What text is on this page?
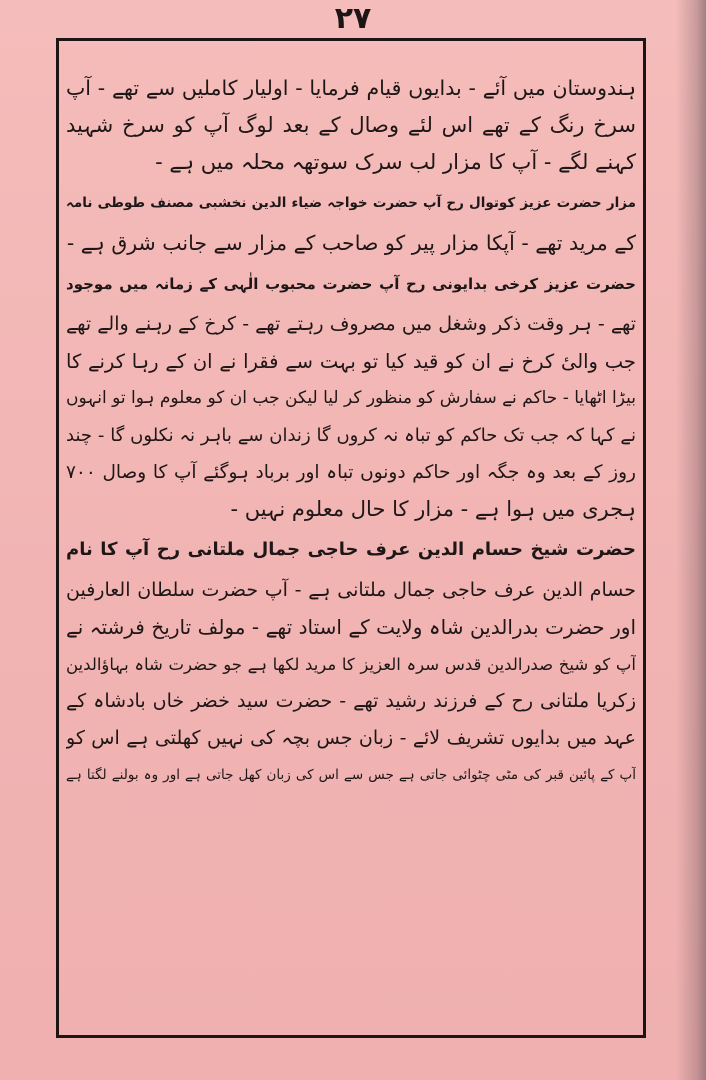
۲۷
ہندوستان میں آئے - بدایوں قیام فرمایا - اولیار کاملیں سے تھے - آپ
سرخ رنگ کے تھے اس لئے وصال کے بعد لوگ آپ کو سرخ شہید
کہنے لگے - آپ کا مزار لب سرک سوتھہ محلہ میں ہے -
مزار حضرت عزیز کوتوال رح آپ حضرت خواجہ ضیاء الدین نخشبی مصنف طوطی نامہ
کے مرید تھے - آپکا مزار پیر کو صاحب کے مزار سے جانب شرق ہے -
حضرت عزیز کرخی بدایونی رح آپ حضرت محبوب الٰہی کے زمانہ میں موجود
تھے - ہر وقت ذکر وشغل میں مصروف رہتے تھے - کرخ کے رہنے والے تھے
جب والیٔ کرخ نے ان کو قید کیا تو بہت سے فقرا نے ان کے رہا کرنے کا
بیڑا اٹھایا - حاکم نے سفارش کو منظور کر لیا لیکن جب ان کو معلوم ہوا تو انہوں
نے کہا کہ جب تک حاکم کو تباہ نہ کروں گا زندان سے باہر نہ نکلوں گا - چند
روز کے بعد وہ جگہ اور حاکم دونوں تباہ اور برباد ہوگئے آپ کا وصال ۷۰۰
ہجری میں ہوا ہے - مزار کا حال معلوم نہیں -
حضرت شیخ حسام الدین عرف حاجی جمال ملتانی رح آپ کا نام
حسام الدین عرف حاجی جمال ملتانی ہے - آپ حضرت سلطان العارفین
اور حضرت بدرالدین شاہ ولایت کے استاد تھے - مولف تاریخ فرشتہ نے
آپ کو شیخ صدرالدین قدس سرہ العزیز کا مرید لکھا ہے جو حضرت شاہ بہاؤالدین
زکریا ملتانی رح کے فرزند رشید تھے - حضرت سید خضر خاں بادشاہ کے
عہد میں بدایوں تشریف لائے - زبان جس بچہ کی نہیں کھلتی ہے اس کو
آپ کے پائین قبر کی مٹی چٹوائی جاتی ہے جس سے اس کی زبان کھل جاتی ہے اور وہ بولنے لگتا ہے
